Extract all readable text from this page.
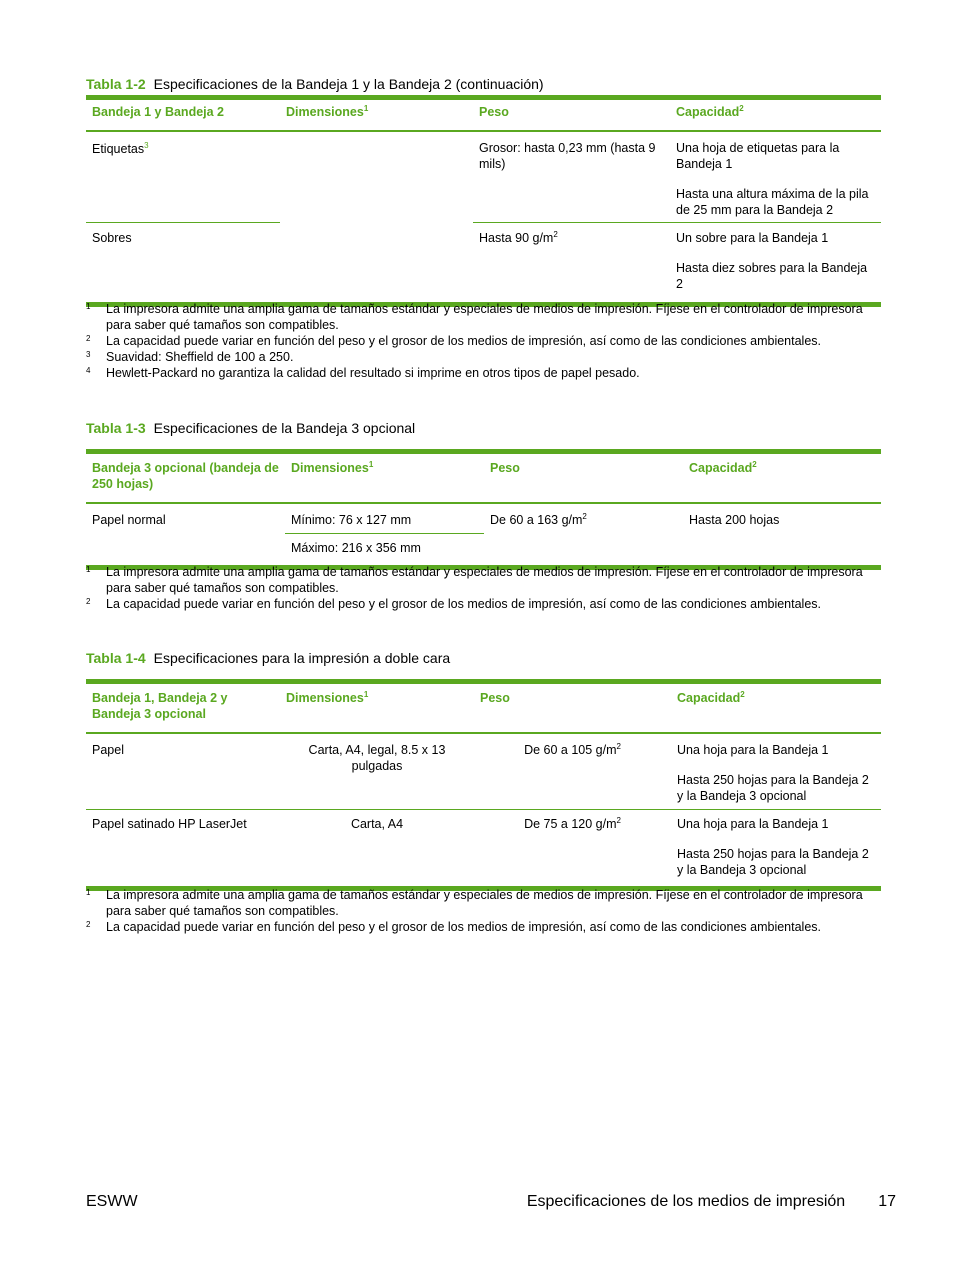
Tabla 1-2 Especificaciones de la Bandeja 1 y la Bandeja 2 (continuación)
Bandeja 1 y Bandeja 2	Dimensiones$^1$	Peso	Capacidad$^2$
Etiquetas$^3$		Grosor: hasta 0,23 mm (hasta 9 mils)	Una hoja de etiquetas para la Bandeja 1
Hasta una altura máxima de la pila de 25 mm para la Bandeja 2

Sobres		Hasta 90 $g/m^2$	Un sobre para la Bandeja 1
Hasta diez sobres para la Bandeja 2
1	La impresora admite una amplia gama de tamaños estándar y especiales de medios de impresión. Fíjese en el controlador de impresora para saber qué tamaños son compatibles.
2	La capacidad puede variar en función del peso y el grosor de los medios de impresión, así como de las condiciones ambientales.
3	Suavidad: Sheffield de 100 a 250.
4	Hewlett-Packard no garantiza la calidad del resultado si imprime en otros tipos de papel pesado.
Tabla 1-3 Especificaciones de la Bandeja 3 opcional
Bandeja 3 opcional (bandeja de 250 hojas)	Dimensiones$^1$	Peso	Capacidad$^2$
Papel normal	Mínimo: 76 x 127 mm	De 60 a 163 $g/m^2$	Hasta 200 hojas
	Máximo: 216 x 356 mm		
1	La impresora admite una amplia gama de tamaños estándar y especiales de medios de impresión. Fíjese en el controlador de impresora para saber qué tamaños son compatibles.
2	La capacidad puede variar en función del peso y el grosor de los medios de impresión, así como de las condiciones ambientales.
Tabla 1-4 Especificaciones para la impresión a doble cara
Bandeja 1, Bandeja 2 y Bandeja 3 opcional	Dimensiones$^1$	Peso	Capacidad$^2$
Papel	Carta, A4, legal, 8.5 x 13 pulgadas	De 60 a 105 $g/m^2$	Una hoja para la Bandeja 1
Hasta 250 hojas para la Bandeja 2 y la Bandeja 3 opcional

Papel satinado HP LaserJet	Carta, A4	De 75 a 120 $g/m^2$	Una hoja para la Bandeja 1
Hasta 250 hojas para la Bandeja 2 y la Bandeja 3 opcional
1	La impresora admite una amplia gama de tamaños estándar y especiales de medios de impresión. Fíjese en el controlador de impresora para saber qué tamaños son compatibles.
2	La capacidad puede variar en función del peso y el grosor de los medios de impresión, así como de las condiciones ambientales.
ESWW	Especificaciones de los medios de impresión 17
